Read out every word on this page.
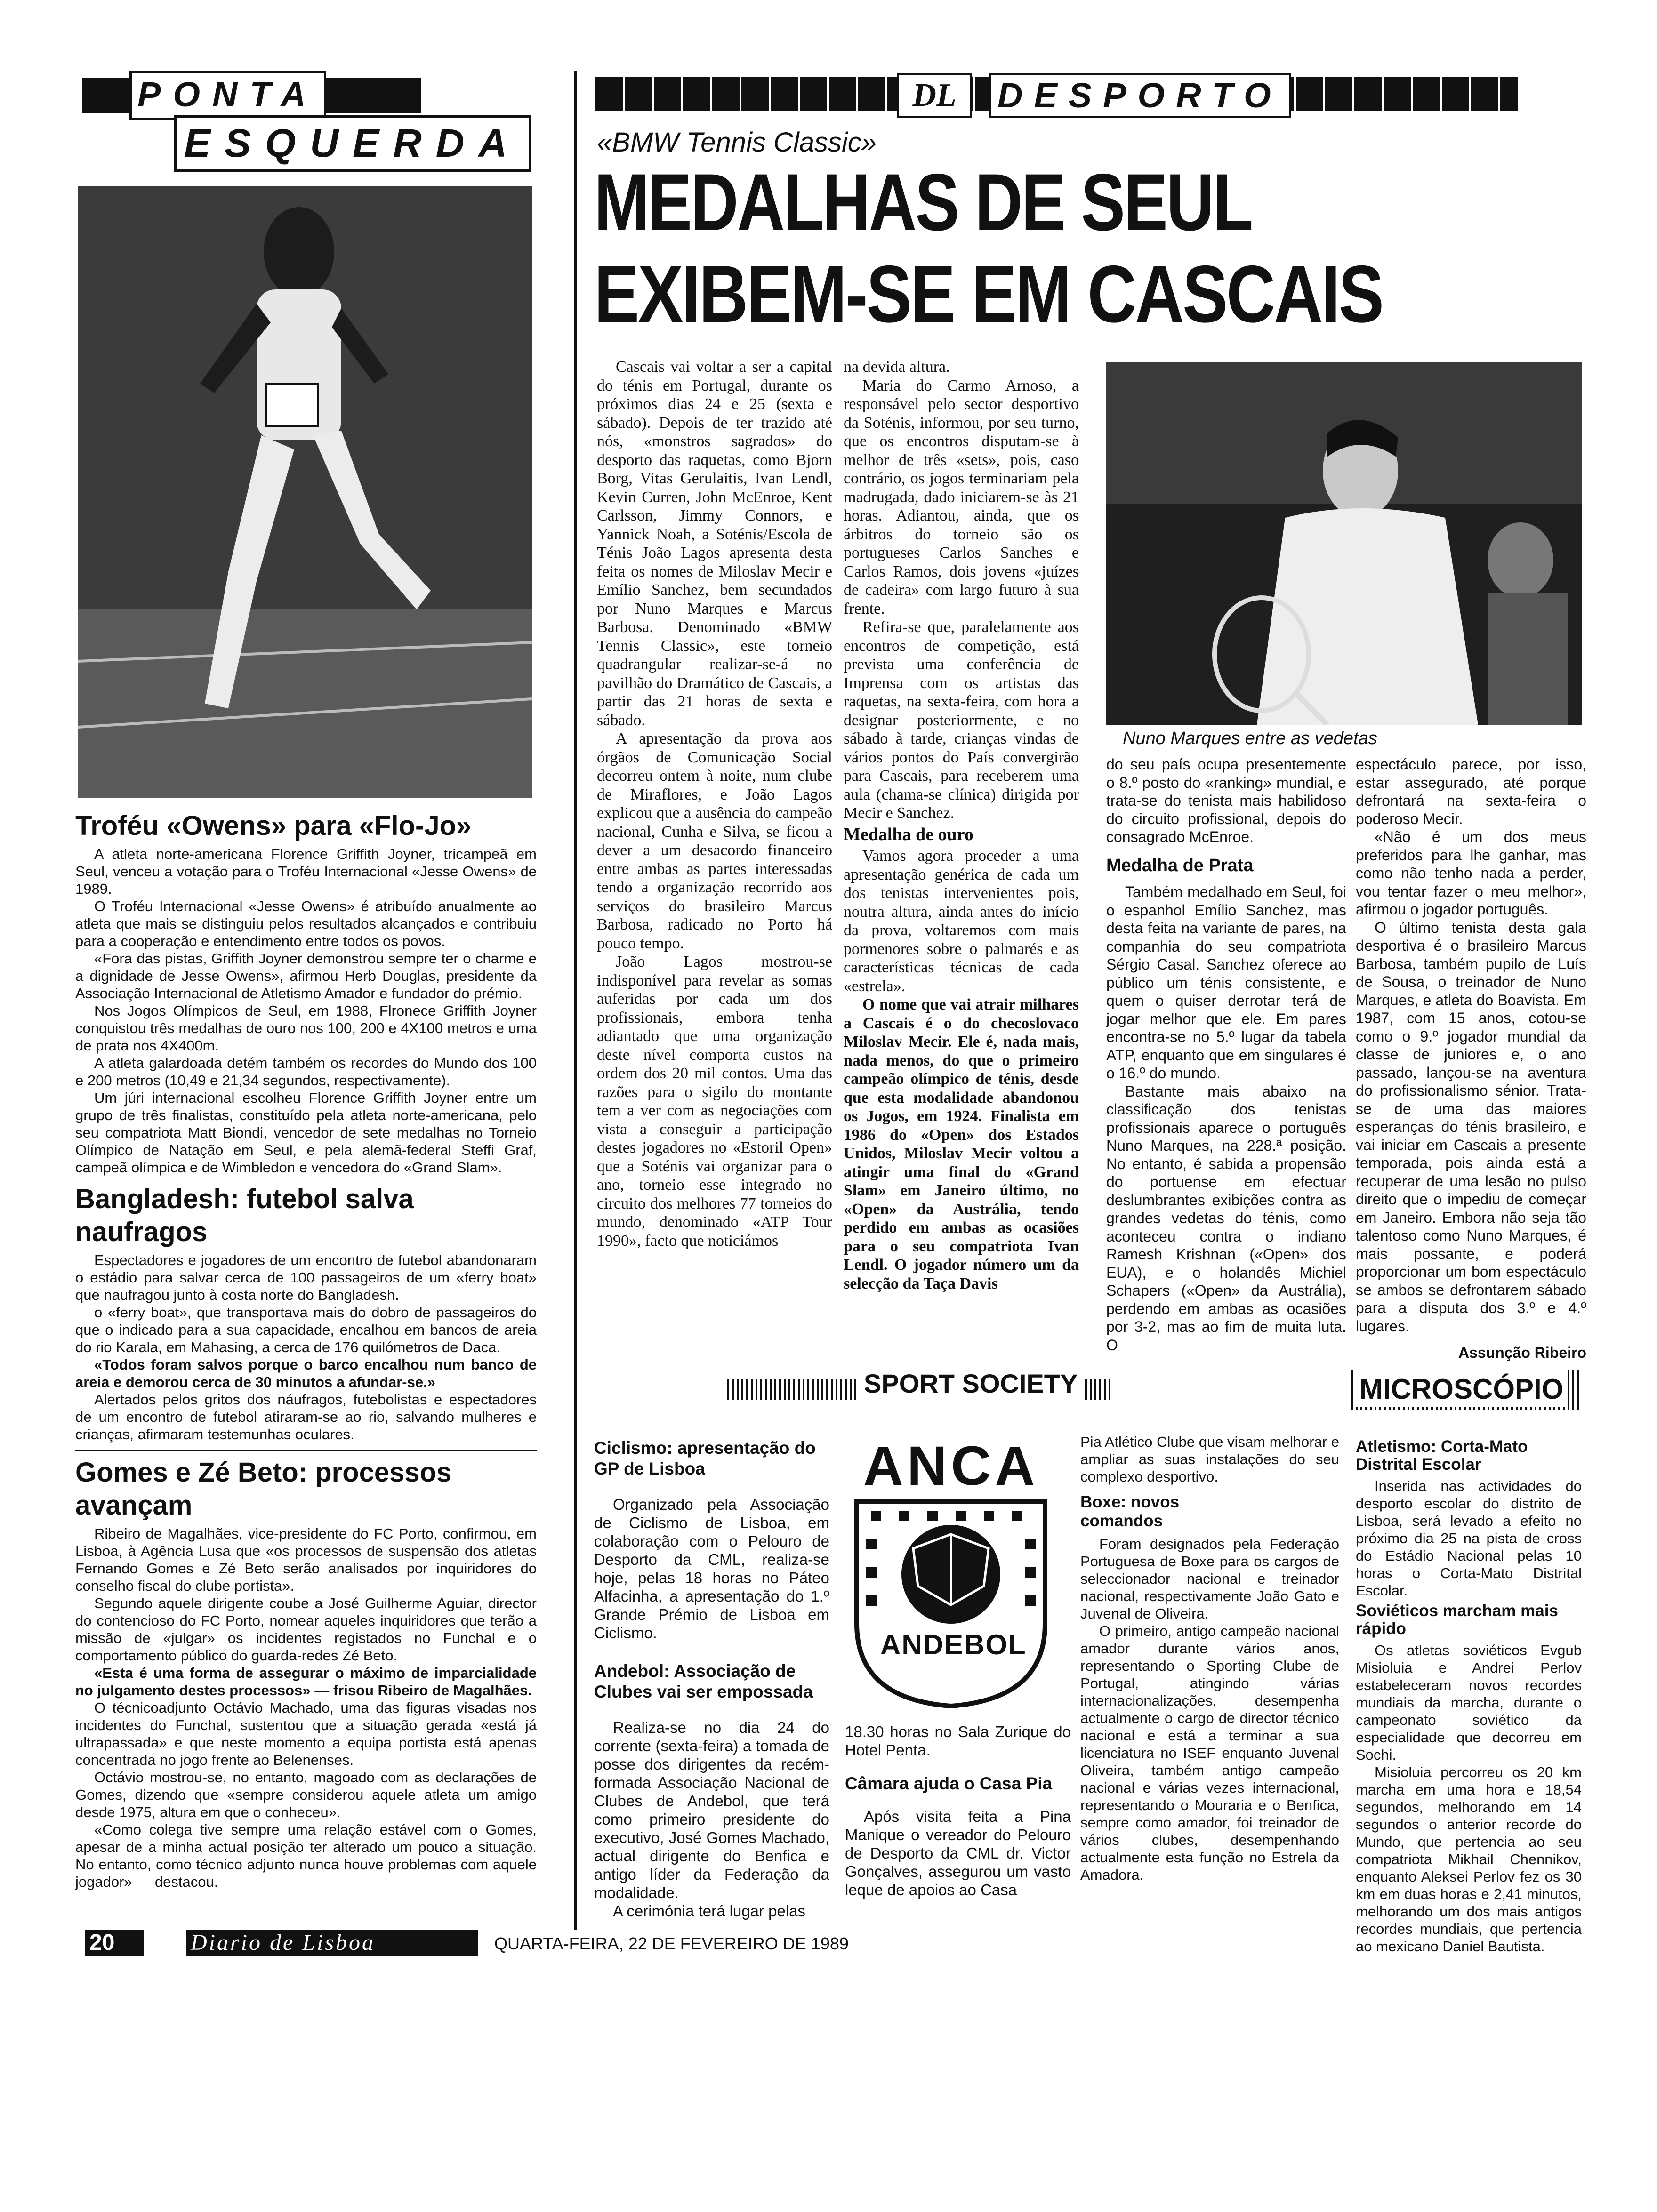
PONTA
ESQUERDA
DL	DESPORTO
Troféu «Owens» para «Flo-Jo»

A atleta norte-americana Florence Griffith Joyner, tricampeã em Seul, venceu a votação para o Troféu Internacional «Jesse Owens» de 1989.

O Troféu Internacional «Jesse Owens» é atribuído anualmente ao atleta que mais se distinguiu pelos resultados alcançados e contribuiu para a cooperação e entendimento entre todos os povos.

«Fora das pistas, Griffith Joyner demonstrou sempre ter o charme e a dignidade de Jesse Owens», afirmou Herb Douglas, presidente da Associação Internacional de Atletismo Amador e fundador do prémio.

Nos Jogos Olímpicos de Seul, em 1988, Flronece Griffith Joyner conquistou três medalhas de ouro nos 100, 200 e 4X100 metros e uma de prata nos 4X400m.

A atleta galardoada detém também os recordes do Mundo dos 100 e 200 metros (10,49 e 21,34 segundos, respectivamente).

Um júri internacional escolheu Florence Griffith Joyner entre um grupo de três finalistas, constituído pela atleta norte-americana, pelo seu compatriota Matt Biondi, vencedor de sete medalhas no Torneio Olímpico de Natação em Seul, e pela alemã-federal Steffi Graf, campeã olímpica e de Wimbledon e vencedora do «Grand Slam».

Bangladesh: futebol salva naufragos

Espectadores e jogadores de um encontro de futebol abandonaram o estádio para salvar cerca de 100 passageiros de um «ferry boat» que naufragou junto à costa norte do Bangladesh.

o «ferry boat», que transportava mais do dobro de passageiros do que o indicado para a sua capacidade, encalhou em bancos de areia do rio Karala, em Mahasing, a cerca de 176 quilómetros de Daca.

«Todos foram salvos porque o barco encalhou num banco de areia e demorou cerca de 30 minutos a afundar-se.»

Alertados pelos gritos dos náufragos, futebolistas e espectadores de um encontro de futebol atiraram-se ao rio, salvando mulheres e crianças, afirmaram testemunhas oculares.

Gomes e Zé Beto: processos avançam

Ribeiro de Magalhães, vice-presidente do FC Porto, confirmou, em Lisboa, à Agência Lusa que «os processos de suspensão dos atletas Fernando Gomes e Zé Beto serão analisados por inquiridores do conselho fiscal do clube portista».

Segundo aquele dirigente coube a José Guilherme Aguiar, director do contencioso do FC Porto, nomear aqueles inquiridores que terão a missão de «julgar» os incidentes registados no Funchal e o comportamento público do guarda-redes Zé Beto.

«Esta é uma forma de assegurar o máximo de imparcialidade no julgamento destes processos» — frisou Ribeiro de Magalhães.

O técnicoadjunto Octávio Machado, uma das figuras visadas nos incidentes do Funchal, sustentou que a situação gerada «está já ultrapassada» e que neste momento a equipa portista está apenas concentrada no jogo frente ao Belenenses.

Octávio mostrou-se, no entanto, magoado com as declarações de Gomes, dizendo que «sempre considerou aquele atleta um amigo desde 1975, altura em que o conheceu».

«Como colega tive sempre uma relação estável com o Gomes, apesar de a minha actual posição ter alterado um pouco a situação. No entanto, como técnico adjunto nunca houve problemas com aquele jogador» — destacou.

«BMW Tennis Classic»
MEDALHAS DE SEUL
EXIBEM-SE EM CASCAIS

Cascais vai voltar a ser a capital do ténis em Portugal, durante os próximos dias 24 e 25 (sexta e sábado). Depois de ter trazido até nós, «monstros sagrados» do desporto das raquetas, como Bjorn Borg, Vitas Gerulaitis, Ivan Lendl, Kevin Curren, John McEnroe, Kent Carlsson, Jimmy Connors, e Yannick Noah, a Soténis/Escola de Ténis João Lagos apresenta desta feita os nomes de Miloslav Mecir e Emílio Sanchez, bem secundados por Nuno Marques e Marcus Barbosa. Denominado «BMW Tennis Classic», este torneio quadrangular realizar-se-á no pavilhão do Dramático de Cascais, a partir das 21 horas de sexta e sábado.

A apresentação da prova aos órgãos de Comunicação Social decorreu ontem à noite, num clube de Miraflores, e João Lagos explicou que a ausência do campeão nacional, Cunha e Silva, se ficou a dever a um desacordo financeiro entre ambas as partes interessadas tendo a organização recorrido aos serviços do brasileiro Marcus Barbosa, radicado no Porto há pouco tempo.

João Lagos mostrou-se indisponível para revelar as somas auferidas por cada um dos profissionais, embora tenha adiantado que uma organização deste nível comporta custos na ordem dos 20 mil contos. Uma das razões para o sigilo do montante tem a ver com as negociações com vista a conseguir a participação destes jogadores no «Estoril Open» que a Soténis vai organizar para o ano, torneio esse integrado no circuito dos melhores 77 torneios do mundo, denominado «ATP Tour 1990», facto que noticiámos

na devida altura.

Maria do Carmo Arnoso, a responsável pelo sector desportivo da Soténis, informou, por seu turno, que os encontros disputam-se à melhor de três «sets», pois, caso contrário, os jogos terminariam pela madrugada, dado iniciarem-se às 21 horas. Adiantou, ainda, que os árbitros do torneio são os portugueses Carlos Sanches e Carlos Ramos, dois jovens «juízes de cadeira» com largo futuro à sua frente.

Refira-se que, paralelamente aos encontros de competição, está prevista uma conferência de Imprensa com os artistas das raquetas, na sexta-feira, com hora a designar posteriormente, e no sábado à tarde, crianças vindas de vários pontos do País convergirão para Cascais, para receberem uma aula (chama-se clínica) dirigida por Mecir e Sanchez.

Medalha de ouro

Vamos agora proceder a uma apresentação genérica de cada um dos tenistas intervenientes pois, noutra altura, ainda antes do início da prova, voltaremos com mais pormenores sobre o palmarés e as características técnicas de cada «estrela».

O nome que vai atrair milhares a Cascais é o do checoslovaco Miloslav Mecir. Ele é, nada mais, nada menos, do que o primeiro campeão olímpico de ténis, desde que esta modalidade abandonou os Jogos, em 1924. Finalista em 1986 do «Open» dos Estados Unidos, Miloslav Mecir voltou a atingir uma final do «Grand Slam» em Janeiro último, no «Open» da Austrália, tendo perdido em ambas as ocasiões para o seu compatriota Ivan Lendl. O jogador número um da selecção da Taça Davis

Nuno Marques entre as vedetas

do seu país ocupa presentemente o 8.º posto do «ranking» mundial, e trata-se do tenista mais habilidoso do circuito profissional, depois do consagrado McEnroe.

Medalha de Prata

Também medalhado em Seul, foi o espanhol Emílio Sanchez, mas desta feita na variante de pares, na companhia do seu compatriota Sérgio Casal. Sanchez oferece ao público um ténis consistente, e quem o quiser derrotar terá de jogar melhor que ele. Em pares encontra-se no 5.º lugar da tabela ATP, enquanto que em singulares é o 16.º do mundo.

Bastante mais abaixo na classificação dos tenistas profissionais aparece o português Nuno Marques, na 228.ª posição. No entanto, é sabida a propensão do portuense em efectuar deslumbrantes exibições contra as grandes vedetas do ténis, como aconteceu contra o indiano Ramesh Krishnan («Open» dos EUA), e o holandês Michiel Schapers («Open» da Austrália), perdendo em ambas as ocasiões por 3-2, mas ao fim de muita luta. O

espectáculo parece, por isso, estar assegurado, até porque defrontará na sexta-feira o poderoso Mecir.

«Não é um dos meus preferidos para lhe ganhar, mas como não tenho nada a perder, vou tentar fazer o meu melhor», afirmou o jogador português.

O último tenista desta gala desportiva é o brasileiro Marcus Barbosa, também pupilo de Luís de Sousa, o treinador de Nuno Marques, e atleta do Boavista. Em 1987, com 15 anos, cotou-se como o 9.º jogador mundial da classe de juniores e, o ano passado, lançou-se na aventura do profissionalismo sénior. Trata-se de uma das maiores esperanças do ténis brasileiro, e vai iniciar em Cascais a presente temporada, pois ainda está a recuperar de uma lesão no pulso direito que o impediu de começar em Janeiro. Embora não seja tão talentoso como Nuno Marques, é mais possante, e poderá proporcionar um bom espectáculo se ambos se defrontarem sábado para a disputa dos 3.º e 4.º lugares.

Assunção Ribeiro
SPORT SOCIETY
Ciclismo: apresentação do GP de Lisboa

Organizado pela Associação de Ciclismo de Lisboa, em colaboração com o Pelouro de Desporto da CML, realiza-se hoje, pelas 18 horas no Páteo Alfacinha, a apresentação do 1.º Grande Prémio de Lisboa em Ciclismo.

Andebol: Associação de Clubes vai ser empossada

Realiza-se no dia 24 do corrente (sexta-feira) a tomada de posse dos dirigentes da recém-formada Associação Nacional de Clubes de Andebol, que terá como primeiro presidente do executivo, José Gomes Machado, actual dirigente do Benfica e antigo líder da Federação da modalidade.

A cerimónia terá lugar pelas

ANCA
ANDEBOL

18.30 horas no Sala Zurique do Hotel Penta.

Câmara ajuda o Casa Pia

Após visita feita a Pina Manique o vereador do Pelouro de Desporto da CML dr. Victor Gonçalves, assegurou um vasto leque de apoios ao Casa

Pia Atlético Clube que visam melhorar e ampliar as suas instalações do seu complexo desportivo.

Boxe: novos comandos

Foram designados pela Federação Portuguesa de Boxe para os cargos de seleccionador nacional e treinador nacional, respectivamente João Gato e Juvenal de Oliveira.

O primeiro, antigo campeão nacional amador durante vários anos, representando o Sporting Clube de Portugal, atingindo várias internacionalizações, desempenha actualmente o cargo de director técnico nacional e está a terminar a sua licenciatura no ISEF enquanto Juvenal Oliveira, também antigo campeão nacional e várias vezes internacional, representando o Mouraria e o Benfica, sempre como amador, foi treinador de vários clubes, desempenhando actualmente esta função no Estrela da Amadora.

MICROSCÓPIO
Atletismo: Corta-Mato Distrital Escolar

Inserida nas actividades do desporto escolar do distrito de Lisboa, será levado a efeito no próximo dia 25 na pista de cross do Estádio Nacional pelas 10 horas o Corta-Mato Distrital Escolar.

Soviéticos marcham mais rápido

Os atletas soviéticos Evgub Misioluia e Andrei Perlov estabeleceram novos recordes mundiais da marcha, durante o campeonato soviético da especialidade que decorreu em Sochi.

Misioluia percorreu os 20 km marcha em uma hora e 18,54 segundos, melhorando em 14 segundos o anterior recorde do Mundo, que pertencia ao seu compatriota Mikhail Chennikov, enquanto Aleksei Perlov fez os 30 km em duas horas e 2,41 minutos, melhorando um dos mais antigos recordes mundiais, que pertencia ao mexicano Daniel Bautista.

20	Diario de Lisboa	QUARTA-FEIRA, 22 DE FEVEREIRO DE 1989
